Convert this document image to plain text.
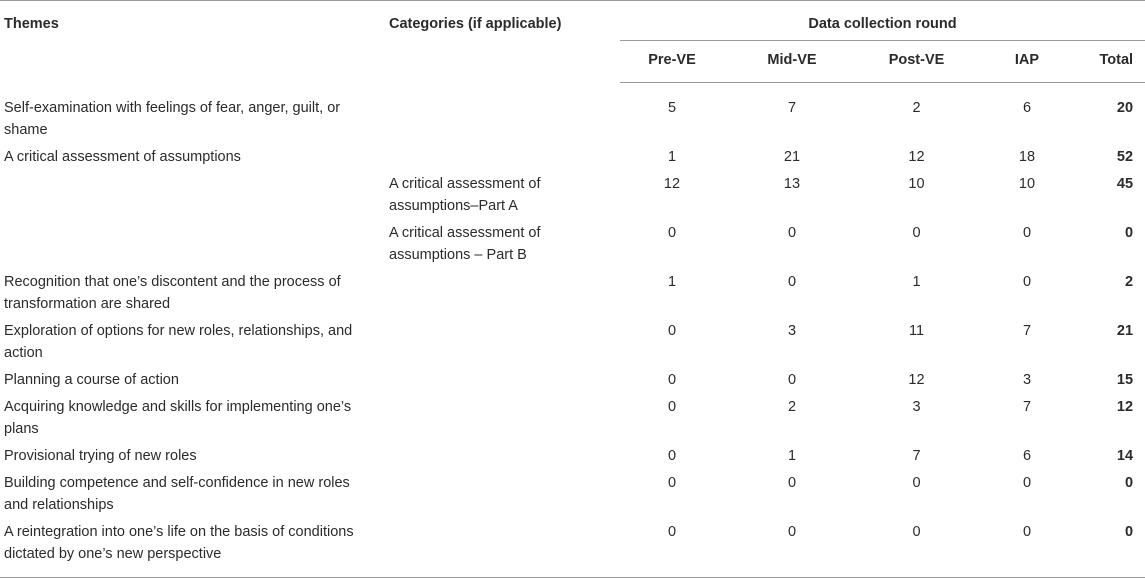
Themes	Categories (if applicable)	Data collection round				
		Pre-VE	Mid-VE	Post-VE	IAP	Total
Self-examination with feelings of fear, anger, guilt, or shame		5	7	2	6	20
A critical assessment of assumptions		1	21	12	18	52
	A critical assessment of assumptions–Part A	12	13	10	10	45
	A critical assessment of assumptions – Part B	0	0	0	0	0
Recognition that one’s discontent and the process of transformation are shared		1	0	1	0	2
Exploration of options for new roles, relationships, and action		0	3	11	7	21
Planning a course of action		0	0	12	3	15
Acquiring knowledge and skills for implementing one’s plans		0	2	3	7	12
Provisional trying of new roles		0	1	7	6	14
Building competence and self-confidence in new roles and relationships		0	0	0	0	0
A reintegration into one’s life on the basis of conditions dictated by one’s new perspective		0	0	0	0	0
